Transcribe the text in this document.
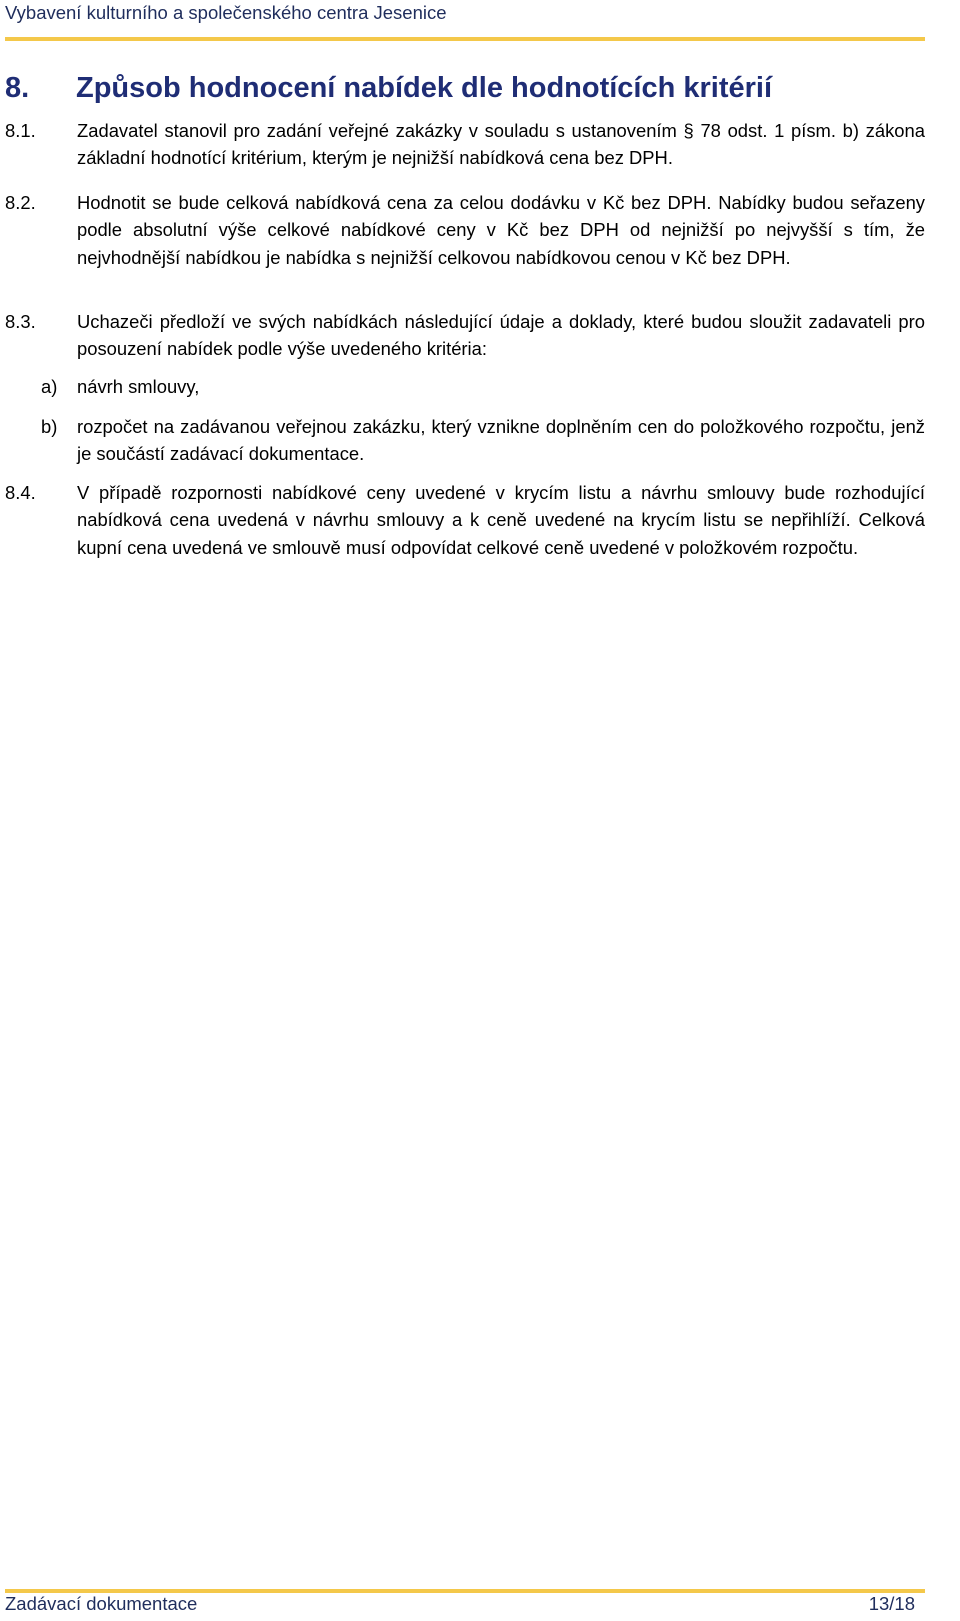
Vybavení kulturního a společenského centra Jesenice
8. Způsob hodnocení nabídek dle hodnotících kritérií
8.1. Zadavatel stanovil pro zadání veřejné zakázky v souladu s ustanovením § 78 odst. 1 písm. b) zákona základní hodnotící kritérium, kterým je nejnižší nabídková cena bez DPH.
8.2. Hodnotit se bude celková nabídková cena za celou dodávku v Kč bez DPH. Nabídky budou seřazeny podle absolutní výše celkové nabídkové ceny v Kč bez DPH od nejnižší po nejvyšší s tím, že nejvhodnější nabídkou je nabídka s nejnižší celkovou nabídkovou cenou v Kč bez DPH.
8.3. Uchazeči předloží ve svých nabídkách následující údaje a doklady, které budou sloužit zadavateli pro posouzení nabídek podle výše uvedeného kritéria:
a) návrh smlouvy,
b) rozpočet na zadávanou veřejnou zakázku, který vznikne doplněním cen do položkového rozpočtu, jenž je součástí zadávací dokumentace.
8.4. V případě rozpornosti nabídkové ceny uvedené v krycím listu a návrhu smlouvy bude rozhodující nabídková cena uvedená v návrhu smlouvy a k ceně uvedené na krycím listu se nepřihlíží. Celková kupní cena uvedená ve smlouvě musí odpovídat celkové ceně uvedené v položkovém rozpočtu.
Zadávací dokumentace	13/18
